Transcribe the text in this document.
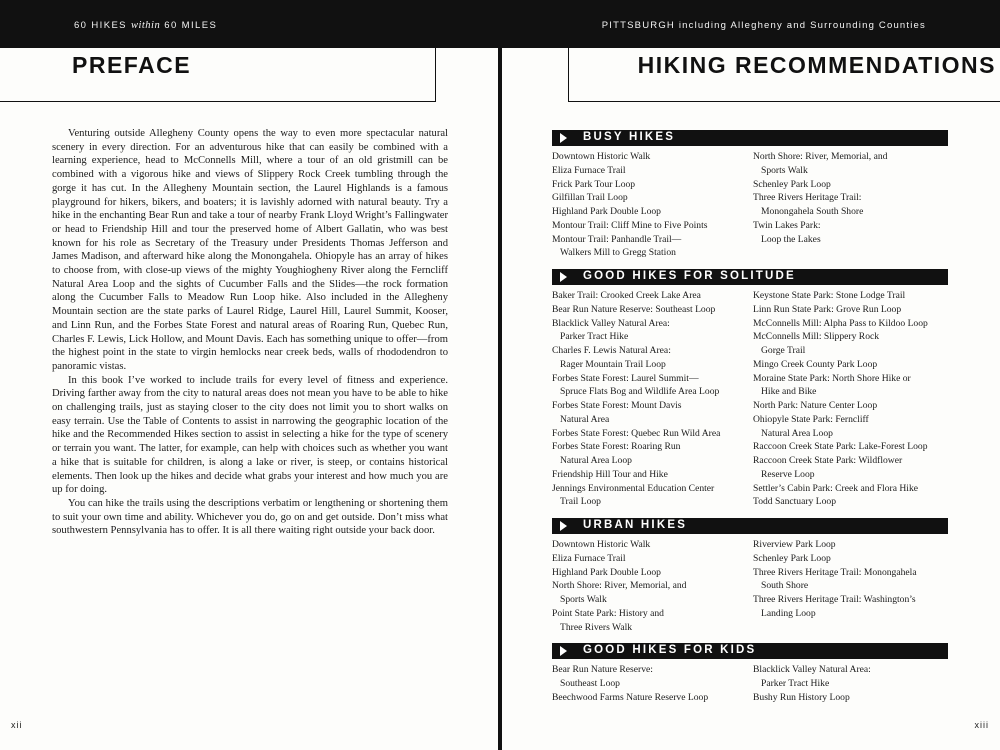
60 HIKES within 60 MILES
PREFACE

Venturing outside Allegheny County opens the way to even more spectacular natural scenery in every direction. For an adventurous hike that can easily be combined with a learning experience, head to McConnells Mill, where a tour of an old gristmill can be combined with a vigorous hike and views of Slippery Rock Creek tumbling through the gorge it has cut. In the Allegheny Mountain section, the Laurel Highlands is a famous playground for hikers, bikers, and boaters; it is lavishly adorned with natural beauty. Try a hike in the enchanting Bear Run and take a tour of nearby Frank Lloyd Wright’s Fallingwater or head to Friendship Hill and tour the preserved home of Albert Gallatin, who was best known for his role as Secretary of the Treasury under Presidents Thomas Jefferson and James Madison, and afterward hike along the Monongahela. Ohiopyle has an array of hikes to choose from, with close-up views of the mighty Youghiogheny River along the Ferncliff Natural Area Loop and the sights of Cucumber Falls and the Slides—the rock formation along the Cucumber Falls to Meadow Run Loop hike. Also included in the Allegheny Mountain section are the state parks of Laurel Ridge, Laurel Hill, Laurel Summit, Kooser, and Linn Run, and the Forbes State Forest and natural areas of Roaring Run, Quebec Run, Charles F. Lewis, Lick Hollow, and Mount Davis. Each has something unique to offer—from the highest point in the state to virgin hemlocks near creek beds, walls of rhododendron to panoramic vistas.

In this book I’ve worked to include trails for every level of fitness and experience. Driving farther away from the city to natural areas does not mean you have to be able to hike on challenging trails, just as staying closer to the city does not limit you to short walks on easy terrain. Use the Table of Contents to assist in narrowing the geographic location of the hike and the Recommended Hikes section to assist in selecting a hike for the type of scenery or terrain you want. The latter, for example, can help with choices such as whether you want a hike that is suitable for children, is along a lake or river, is steep, or contains historical elements. Then look up the hikes and decide what grabs your interest and how much you are up for doing.

You can hike the trails using the descriptions verbatim or lengthening or shortening them to suit your own time and ability. Whichever you do, go on and get outside. Don’t miss what southwestern Pennsylvania has to offer. It is all there waiting right outside your back door.

xii
PITTSBURGH including Allegheny and Surrounding Counties
HIKING RECOMMENDATIONS
BUSY HIKES
Downtown Historic Walk
Eliza Furnace Trail
Frick Park Tour Loop
Gilfillan Trail Loop
Highland Park Double Loop
Montour Trail: Cliff Mine to Five Points
Montour Trail: Panhandle Trail—
Walkers Mill to Gregg Station
North Shore: River, Memorial, and
Sports Walk
Schenley Park Loop
Three Rivers Heritage Trail:
Monongahela South Shore
Twin Lakes Park:
Loop the Lakes
GOOD HIKES FOR SOLITUDE
Baker Trail: Crooked Creek Lake Area
Bear Run Nature Reserve: Southeast Loop
Blacklick Valley Natural Area:
Parker Tract Hike
Charles F. Lewis Natural Area:
Rager Mountain Trail Loop
Forbes State Forest: Laurel Summit—
Spruce Flats Bog and Wildlife Area Loop
Forbes State Forest: Mount Davis
Natural Area
Forbes State Forest: Quebec Run Wild Area
Forbes State Forest: Roaring Run
Natural Area Loop
Friendship Hill Tour and Hike
Jennings Environmental Education Center
Trail Loop
Keystone State Park: Stone Lodge Trail
Linn Run State Park: Grove Run Loop
McConnells Mill: Alpha Pass to Kildoo Loop
McConnells Mill: Slippery Rock
Gorge Trail
Mingo Creek County Park Loop
Moraine State Park: North Shore Hike or
Hike and Bike
North Park: Nature Center Loop
Ohiopyle State Park: Ferncliff
Natural Area Loop
Raccoon Creek State Park: Lake-Forest Loop
Raccoon Creek State Park: Wildflower
Reserve Loop
Settler’s Cabin Park: Creek and Flora Hike
Todd Sanctuary Loop
URBAN HIKES
Downtown Historic Walk
Eliza Furnace Trail
Highland Park Double Loop
North Shore: River, Memorial, and
Sports Walk
Point State Park: History and
Three Rivers Walk
Riverview Park Loop
Schenley Park Loop
Three Rivers Heritage Trail: Monongahela
South Shore
Three Rivers Heritage Trail: Washington’s
Landing Loop
GOOD HIKES FOR KIDS
Bear Run Nature Reserve:
Southeast Loop
Beechwood Farms Nature Reserve Loop
Blacklick Valley Natural Area:
Parker Tract Hike
Bushy Run History Loop
xiii
